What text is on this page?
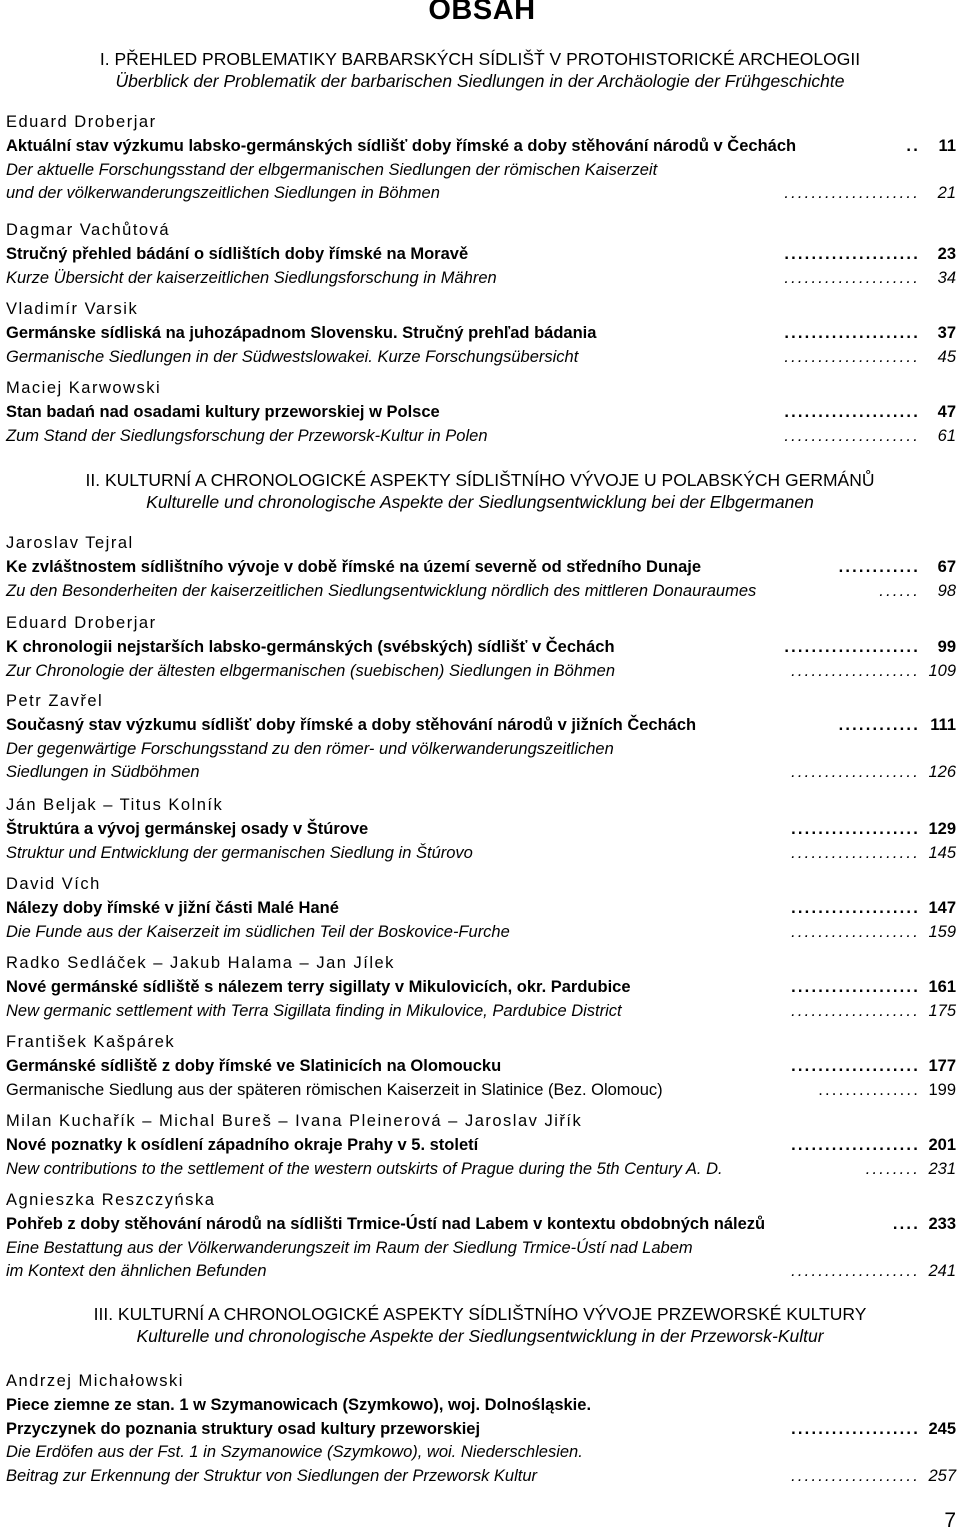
OBSAH
7
I. PŘEHLED PROBLEMATIKY BARBARSKÝCH SÍDLIŠŤ V PROTOHISTORICKÉ ARCHEOLOGII
Überblick der Problematik der barbarischen Siedlungen in der Archäologie der Frühgeschichte
Eduard Droberjar
Aktuální stav výzkumu labsko-germánských sídlišť doby římské a doby stěhování národů v Čechách	..	11
Der aktuelle Forschungsstand der elbgermanischen Siedlungen der römischen Kaiserzeit
und der völkerwanderungszeitlichen Siedlungen in Böhmen	....................	21
Dagmar Vachůtová
Stručný přehled bádání o sídlištích doby římské na Moravě	....................	23
Kurze Übersicht der kaiserzeitlichen Siedlungsforschung in Mähren	....................	34
Vladimír Varsik
Germánske sídliská na juhozápadnom Slovensku. Stručný prehľad bádania	....................	37
Germanische Siedlungen in der Südwestslowakei. Kurze Forschungsübersicht	....................	45
Maciej Karwowski
Stan badań nad osadami kultury przeworskiej w Polsce	....................	47
Zum Stand der Siedlungsforschung der Przeworsk-Kultur in Polen	....................	61
II. KULTURNÍ A CHRONOLOGICKÉ ASPEKTY SÍDLIŠTNÍHO VÝVOJE U POLABSKÝCH GERMÁNŮ
Kulturelle und chronologische Aspekte der Siedlungsentwicklung bei der Elbgermanen
Jaroslav Tejral
Ke zvláštnostem sídlištního vývoje v době římské na území severně od středního Dunaje	............	67
Zu den Besonderheiten der kaiserzeitlichen Siedlungsentwicklung nördlich des mittleren Donauraumes	......	98
Eduard Droberjar
K chronologii nejstarších labsko-germánských (svébských) sídlišť v Čechách	....................	99
Zur Chronologie der ältesten elbgermanischen (suebischen) Siedlungen in Böhmen	................... 109
Petr Zavřel
Současný stav výzkumu sídlišť doby římské a doby stěhování národů v jižních Čechách	............ 111
Der gegenwärtige Forschungsstand zu den römer- und völkerwanderungszeitlichen
Siedlungen in Südböhmen	................... 126
Ján Beljak – Titus Kolník
Štruktúra a vývoj germánskej osady v Štúrove	................... 129
Struktur und Entwicklung der germanischen Siedlung in Štúrovo	................... 145
David Vích
Nálezy doby římské v jižní části Malé Hané	................... 147
Die Funde aus der Kaiserzeit im südlichen Teil der Boskovice-Furche	................... 159
Radko Sedláček – Jakub Halama – Jan Jílek
Nové germánské sídliště s nálezem terry sigillaty v Mikulovicích, okr. Pardubice	................... 161
New germanic settlement with Terra Sigillata finding in Mikulovice, Pardubice District	................... 175
František Kašpárek
Germánské sídliště z doby římské ve Slatinicích na Olomoucku	................... 177
Germanische Siedlung aus der späteren römischen Kaiserzeit in Slatinice (Bez. Olomouc)	............... 199
Milan Kuchařík – Michal Bureš – Ivana Pleinerová – Jaroslav Jiřík
Nové poznatky k osídlení západního okraje Prahy v 5. století	................... 201
New contributions to the settlement of the western outskirts of Prague during the 5th Century A. D.	........ 231
Agnieszka Reszczyńska
Pohřeb z doby stěhování národů na sídlišti Trmice-Ústí nad Labem v kontextu obdobných nálezů	.... 233
Eine Bestattung aus der Völkerwanderungszeit im Raum der Siedlung Trmice-Ústí nad Labem
im Kontext den ähnlichen Befunden	................... 241
III. KULTURNÍ A CHRONOLOGICKÉ ASPEKTY SÍDLIŠTNÍHO VÝVOJE PRZEWORSKÉ KULTURY
Kulturelle und chronologische Aspekte der Siedlungsentwicklung in der Przeworsk-Kultur
Andrzej Michałowski
Piece ziemne ze stan. 1 w Szymanowicach (Szymkowo), woj. Dolnośląskie.
Przyczynek do poznania struktury osad kultury przeworskiej	................... 245
Die Erdöfen aus der Fst. 1 in Szymanowice (Szymkowo), woi. Niederschlesien.
Beitrag zur Erkennung der Struktur von Siedlungen der Przeworsk Kultur	................... 257
